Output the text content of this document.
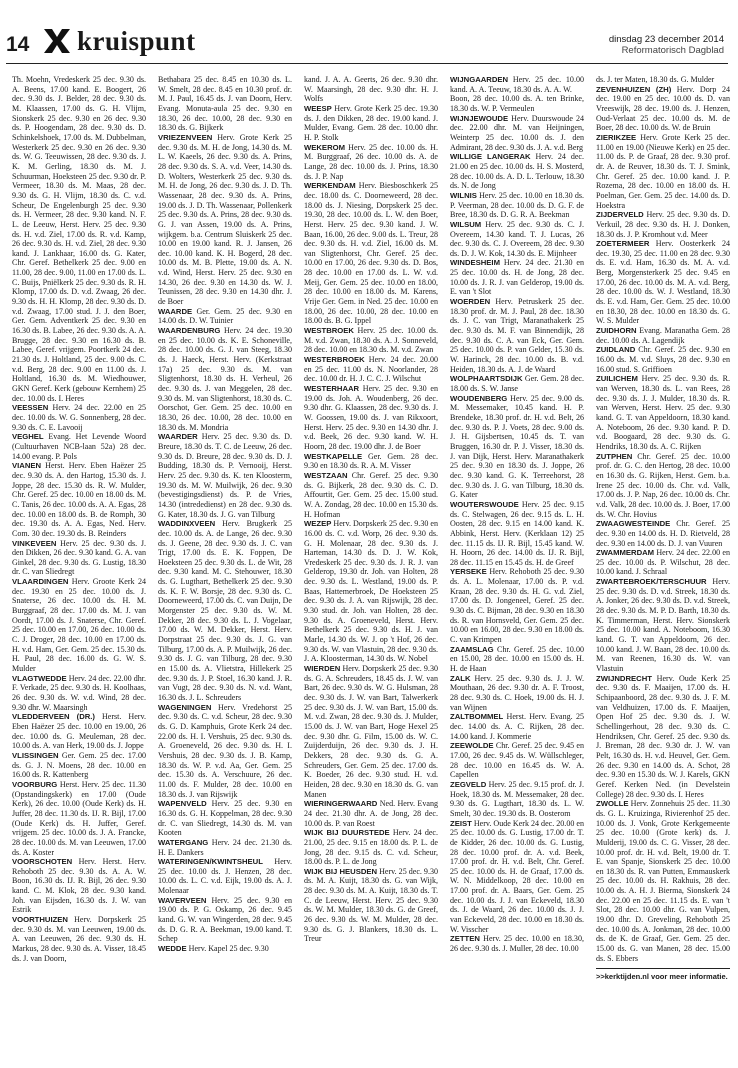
14 kruispunt	dinsdag 23 december 2014
Reformatorisch Dagblad

Th. Moehn, Vredeskerk 25 dec. 9.30 ds. A. Beens, 17.00 kand. E. Boogert, 26 dec. 9.30 ds. J. Belder, 28 dec. 9.30 ds. M. Klaassen, 17.00 ds. G. H. Vlijm, Sionskerk 25 dec. 9.30 en 26 dec. 9.30 ds. P. Hoogendam, 28 dec. 9.30 ds. D. Schinkelshoek, 17.00 ds. M. Dubbelman, Westerkerk 25 dec. 9.30 en 26 dec. 9.30 ds. W. G. Teeuwissen, 28 dec. 9.30 ds. J. K. M. Gerling, 18.30 ds. M. J. Schuurman, Hoeksteen 25 dec. 9.30 dr. P. Vermeer, 18.30 ds. M. Maas, 28 dec. 9.30 ds. G. H. Vlijm, 18.30 ds. C. v.d. Scheur, De Engelenburgh 25 dec. 9.30 ds. H. Vermeer, 28 dec. 9.30 kand. N. F. L. de Leeuw, Herst. Herv. 25 dec. 9.30 ds. H. v.d. Ziel, 17.00 ds. R. v.d. Kamp, 26 dec. 9.30 ds. H. v.d. Ziel, 28 dec. 9.30 kand. J. Lankhaar, 16.00 ds. G. Kater, Chr. Geref. Bethelkerk 25 dec. 9.00 en 11.00, 28 dec. 9.00, 11.00 en 17.00 ds. L. C. Buijs, Pniëlkerk 25 dec. 9.30 ds. R. H. Klomp, 17.00 ds. D. v.d. Zwaag, 26 dec. 9.30 ds. H. H. Klomp, 28 dec. 9.30 ds. D. v.d. Zwaag, 17.00 stud. J. J. den Boer, Ger. Gem. Adventkerk 25 dec. 9.30 en 16.30 ds. B. Labee, 26 dec. 9.30 ds. A. A. Brugge, 28 dec. 9.30 en 16.30 ds. B. Labee, Geref. vrijgem. Poortkerk 24 dec. 21.30 ds. J. Holtland, 25 dec. 9.00 ds. C. v.d. Berg, 28 dec. 9.00 en 11.00 ds. J. Holtland, 16.30 ds. M. Wiedhouwer, GKN Geref. Kerk (gebouw Kernhem) 25 dec. 10.00 ds. I. Heres

VEESSEN Herv. 24 dec. 22.00 en 25 dec. 10.00 ds. W. G. Sonnenberg, 28 dec. 9.30 ds. C. E. Lavooij

VEGHEL Evang. Het Levende Woord (Cultuurhaven NCB-laan 52a) 28 dec. 14.00 evang. P. Pols

VIANEN Herst. Herv. Eben Haëzer 25 dec. 9.30 ds. A. den Hartog, 15.30 ds. J. Joppe, 28 dec. 15.30 ds. R. W. Mulder, Chr. Geref. 25 dec. 10.00 en 18.00 ds. M. C. Tanis, 26 dec. 10.00 ds. A. A. Egas, 28 dec. 10.00 en 18.00 ds. B. de Romph, 30 dec. 19.30 ds. A. A. Egas, Ned. Herv. Com. 30 dec. 19.30 ds. B. Reinders

VINKEVEEN Herv. 25 dec. 9.30 ds. J. den Dikken, 26 dec. 9.30 kand. G. A. van Ginkel, 28 dec. 9.30 ds. G. Lustig, 18.30 dr. C. van Sliedregt

VLAARDINGEN Herv. Groote Kerk 24 dec. 19.30 en 25 dec. 10.00 ds. J. Snaterse, 26 dec. 10.00 ds. H. M. Burggraaf, 28 dec. 17.00 ds. M. J. van Oordt, 17.00 ds. J. Snaterse, Chr. Geref. 25 dec. 10.00 en 17.00, 26 dec. 10.00 ds. C. J. Droger, 28 dec. 10.00 en 17.00 ds. H. v.d. Ham, Ger. Gem. 25 dec. 15.30 ds. H. Paul, 28 dec. 16.00 ds. G. W. S. Mulder

VLAGTWEDDE Herv. 24 dec. 22.00 dhr. F. Verkade, 25 dec. 9.30 ds. H. Koolhaas, 26 dec. 9.30 ds. W. v.d. Wind, 28 dec. 9.30 dhr. W. Maarsingh

VLEDDERVEEN (DR.) Herst. Herv. Eben Haëzer 25 dec. 10.00 en 19.00, 26 dec. 10.00 ds. G. Meuleman, 28 dec. 10.00 ds. A. van Herk, 19.00 ds. J. Joppe

VLISSINGEN Ger. Gem. 25 dec. 17.00 ds. G. J. N. Moens, 28 dec. 10.00 en 16.00 ds. R. Kattenberg

VOORBURG Herst. Herv. 25 dec. 11.30 (Opstandingskerk) en 17.00 (Oude Kerk), 26 dec. 10.00 (Oude Kerk) ds. H. Juffer, 28 dec. 11.30 ds. IJ. R. Bijl, 17.00 (Oude Kerk) ds. H. Juffer, Geref. vrijgem. 25 dec. 10.00 ds. J. A. Francke, 28 dec. 10.00 ds. M. van Leeuwen, 17.00 ds. A. Koster

VOORSCHOTEN Herv. Herst. Herv. Rehoboth 25 dec. 9.30 ds. A. A. W. Boon, 16.30 ds. IJ. R. Bijl, 26 dec. 9.30 kand. C. M. Klok, 28 dec. 9.30 kand. Joh. van Eijsden, 16.30 ds. J. W. van Estrik

VOORTHUIZEN Herv. Dorpskerk 25 dec. 9.30 ds. M. van Leeuwen, 19.00 ds. A. van Leeuwen, 26 dec. 9.30 ds. H. Markus, 28 dec. 9.30 ds. A. Visser, 18.45 ds. J. van Doorn,

Bethabara 25 dec. 8.45 en 10.30 ds. L. W. Smelt, 28 dec. 8.45 en 10.30 prof. dr. M. J. Paul, 16.45 ds. J. van Doorn, Herv. Evang. Monuta-aula 25 dec. 9.30 en 18.30, 26 dec. 10.00, 28 dec. 9.30 en 18.30 ds. G. Bijkerk

VRIEZENVEEN Herv. Grote Kerk 25 dec. 9.30 ds. M. H. de Jong, 14.30 ds. M. L. W. Kaeels, 26 dec. 9.30 ds. A. Prins, 28 dec. 9.30 ds. S. A. v.d. Veer, 14.30 ds. D. Wolters, Westerkerk 25 dec. 9.30 ds. M. H. de Jong, 26 dec. 9.30 ds. J. D. Th. Wassenaar, 28 dec. 9.30 ds. A. Prins, 19.00 ds. J. D. Th. Wassenaar, Pollenkerk 25 dec. 9.30 ds. A. Prins, 28 dec. 9.30 ds. G. J. van Assen, 19.00 ds. A. Prins, wijkgem. b.a. Centrum Sluiskerk 25 dec. 10.00 en 19.00 kand. R. J. Jansen, 26 dec. 10.00 kand. K. H. Bogerd, 28 dec. 10.00 ds. M. B. Plette, 19.00 ds. A. N. v.d. Wind, Herst. Herv. 25 dec. 9.30 en 14.30, 26 dec. 9.30 en 14.30 ds. W. J. Teunissen, 28 dec. 9.30 en 14.30 dhr. J. de Boer

WAARDE Ger. Gem. 25 dec. 9.30 en 14.00 ds. D. W. Tuinier

WAARDENBURG Herv. 24 dec. 19.30 en 25 dec. 10.00 ds. K. E. Schoneville, 28 dec. 10.00 ds. G. J. van Steeg, 18.30 ds. J. Haeck, Herst. Herv. (Kerkstraat 17a) 25 dec. 9.30 ds. M. van Sligtenhorst, 18.30 ds. H. Verheul, 26 dec. 9.30 ds. J. van Meggelen, 28 dec. 9.30 ds. M. van Sligtenhorst, 18.30 ds. C. Oorschot, Ger. Gem. 25 dec. 10.00 en 18.30, 26 dec. 10.00, 28 dec. 10.00 en 18.30 ds. M. Mondria

WAARDER Herv. 25 dec. 9.30 ds. D. Breure, 18.30 ds. T. C. de Leeuw, 26 dec. 9.30 ds. D. Breure, 28 dec. 9.30 ds. D. J. Budding, 18.30 ds. P. Vernooij, Herst. Herv. 25 dec. 9.30 ds. K. ten Kloosterm, 19.30 ds. M. W. Muilwijk, 26 dec. 9.30 (bevestigingsdienst) ds. P. de Vries, 14.30 (intrededienst) en 28 dec. 9.30 ds. G. Kater, 18.30 ds. J. G. van Tilburg

WADDINXVEEN Herv. Brugkerk 25 dec. 10.00 ds. A. de Lange, 26 dec. 9.30 ds. J. Geene, 28 dec. 9.30 ds. J. C. van Trigt, 17.00 ds. E. K. Foppen, De Hoeksteen 25 dec. 9.30 ds. L. de Wit, 28 dec. 9.30 kand. M. C. Stehouwer, 18.30 ds. G. Lugthart, Bethelkerk 25 dec. 9.30 ds. K. F. W. Borsje, 28 dec. 9.30 ds. C. Doorneweerd, 17.00 ds. C. van Duijn, De Morgenster 25 dec. 9.30 ds. W. M. Dekker, 28 dec. 9.30 ds. L. J. Vogelaar, 17.00 ds. W. M. Dekker, Herst. Herv. Dorpstraat 25 dec. 9.30 ds. J. G. van Tilburg, 17.00 ds. A. P. Muilwijk, 26 dec. 9.30 ds. J. G. van Tilburg, 28 dec. 9.30 en 15.00 ds. A. Vlietstra, Hillekerk 25 dec. 9.30 ds. J. P. Stoel, 16.30 kand. J. R. van Vugt, 28 dec. 9.30 ds. N. v.d. Want, 16.30 ds. J. L. Schreuders

WAGENINGEN Herv. Vredehorst 25 dec. 9.30 ds. C. v.d. Scheur, 28 dec. 9.30 ds. G. D. Kamphuis, Grote Kerk 24 dec. 22.00 ds. H. I. Vershuis, 25 dec. 9.30 ds. A. Groeneveld, 26 dec. 9.30 ds. H. I. Vershuis, 28 dec. 9.30 ds. J. B. Kamp, 18.30 ds. W. P. v.d. Aa, Ger. Gem. 25 dec. 15.30 ds. A. Verschuure, 26 dec. 11.00 ds. F. Mulder, 28 dec. 10.00 en 18.30 ds. J. van Rijswijk

WAPENVELD Herv. 25 dec. 9.30 en 16.30 ds. G. H. Koppelman, 28 dec. 9.30 dr. C. van Sliedregt, 14.30 ds. M. van Kooten

WATERGANG Herv. 24 dec. 21.30 ds. H. E. Dankers

WATERINGEN/KWINTSHEUL Herv. 25 dec. 10.00 ds. J. Henzen, 28 dec. 10.00 ds. L. C. v.d. Eijk, 19.00 ds. A. J. Molenaar

WAVERVEEN Herv. 25 dec. 9.30 en 19.00 ds. P. G. Oskamp, 26 dec. 9.45 kand. G. W. van Wingerden, 28 dec. 9.45 ds. D. G. R. A. Beekman, 19.00 kand. T. Schep

WEDDE Herv. Kapel 25 dec. 9.30

kand. J. A. A. Geerts, 26 dec. 9.30 dhr. W. Maarsingh, 28 dec. 9.30 dhr. H. J. Wolfs

WEESP Herv. Grote Kerk 25 dec. 19.30 ds. J. den Dikken, 28 dec. 19.00 kand. J. Mulder, Evang. Gem. 28 dec. 10.00 dhr. H. P. Stolk

WEKEROM Herv. 25 dec. 10.00 ds. H. M. Burggraaf, 26 dec. 10.00 ds. A. de Lange, 28 dec. 10.00 ds. J. Prins, 18.30 ds. J. P. Nap

WERKENDAM Herv. Biesboschkerk 25 dec. 18.00 ds. C. Doorneweerd, 28 dec. 18.00 ds. J. Niesing, Dorpskerk 25 dec. 19.30, 28 dec. 10.00 ds. L. W. den Boer, Herst. Herv. 25 dec. 9.30 kand. J. W. Baan, 16.00, 26 dec. 9.00 ds. L. Treur, 28 dec. 9.30 ds. H. v.d. Ziel, 16.00 ds. M. van Sligtenhorst, Chr. Geref. 25 dec. 10.00 en 17.00, 26 dec. 9.30 ds. D. Bos, 28 dec. 10.00 en 17.00 ds. L. W. v.d. Meij, Ger. Gem. 25 dec. 10.00 en 18.00, 28 dec. 10.00 en 18.00 ds. M. Karens, Vrije Ger. Gem. in Ned. 25 dec. 10.00 en 18.00, 26 dec. 10.00, 28 dec. 10.00 en 18.00 ds. B. G. Ippel

WESTBROEK Herv. 25 dec. 10.00 ds. M. v.d. Zwan, 18.30 ds. A. J. Sonneveld, 28 dec. 10.00 en 18.30 ds. M. v.d. Zwan

WESTERBROEK Herv. 24 dec. 20.00 en 25 dec. 11.00 ds. N. Noorlander, 28 dec. 10.00 dr. H. J. C. C. J. Wilschut

WESTERHAAR Herv. 25 dec. 9.30 en 19.00 ds. Joh. A. Woudenberg, 26 dec. 9.30 dhr. G. Klaassen, 28 dec. 9.30 ds. J. W. Goossen, 19.00 ds. J. van Rikxoort, Herst. Herv. 25 dec. 9.30 en 14.30 dhr. J. v.d. Beek, 26 dec. 9.30 kand. W. H. Hoorn, 28 dec. 19.00 dhr. J. de Boer

WESTKAPELLE Ger. Gem. 28 dec. 9.30 en 18.30 ds. R. A. M. Visser

WESTZAAN Chr. Geref. 25 dec. 9.30 ds. G. Bijkerk, 28 dec. 9.30 ds. C. D. Affourtit, Ger. Gem. 25 dec. 15.00 stud. W. A. Zondag, 28 dec. 10.00 en 15.30 ds. H. Hofman

WEZEP Herv. Dorpskerk 25 dec. 9.30 en 16.00 ds. C. v.d. Worp, 26 dec. 9.30 ds. G. H. Molenaar, 28 dec. 9.30 ds. J. Harteman, 14.30 ds. D. J. W. Kok, Vredeskerk 25 dec. 9.30 ds. J. R. J. van Gelderop, 19.30 dr. Joh. van Holten, 28 dec. 9.30 ds. L. Westland, 19.00 ds. P. Baas, Hattemerbroek, De Hoeksteen 25 dec. 9.30 ds. J. A. van Rijswijk, 28 dec. 9.30 stud. dr. Joh. van Holten, 28 dec. 9.30 ds. A. Groeneveld, Herst. Herv. Bethelkerk 25 dec. 9.30 ds. H. J. van Marle, 14.30 ds. W. J. op 't Hof, 26 dec. 9.30 ds. W. van Vlastuin, 28 dec. 9.30 ds. J. A. Kloosterman, 14.30 ds. W. Nobel

WIERDEN Herv. Dorpskerk 25 dec. 9.30 ds. G. A. Schreuders, 18.45 ds. J. W. van Bart, 26 dec. 9.30 ds. W. G. Hulsman, 28 dec. 9.30 ds. J. W. van Bart, Talwerkerk 25 dec. 9.30 ds. J. W. van Bart, 15.00 ds. M. v.d. Zwan, 28 dec. 9.30 ds. J. Mulder, 15.00 ds. J. W. van Bart, Hoge Hexel 25 dec. 9.30 dhr. G. Film, 15.00 ds. W. C. Zuijderduijn, 26 dec. 9.30 ds. J. H. Dekkers, 28 dec. 9.30 ds. G. A. Schreuders, Ger. Gem. 25 dec. 17.00 ds. K. Boeder, 26 dec. 9.30 stud. H. v.d. Heiden, 28 dec. 9.30 en 18.30 ds. G. van Manen

WIERINGERWAARD Ned. Herv. Evang 24 dec. 21.30 dhr. A. de Jong, 28 dec. 10.00 ds. P. van Roest

WIJK BIJ DUURSTEDE Herv. 24 dec. 21.00, 25 dec. 9.15 en 18.00 ds. P. L. de Jong, 28 dec. 9.15 ds. C. v.d. Scheur, 18.00 ds. P. L. de Jong

WIJK BIJ HEUSDEN Herv. 25 dec. 9.30 ds. M. A. Kuijt, 18.30 ds. G. van Wijk, 28 dec. 9.30 ds. M. A. Kuijt, 18.30 ds. T. C. de Leeuw, Herst. Herv. 25 dec. 9.30 ds. W. M. Mulder, 18.30 ds. G. de Greef, 26 dec. 9.30 ds. W. M. Mulder, 28 dec. 9.30 ds. G. J. Blankers, 18.30 ds. L. Treur

WIJNGAARDEN Herv. 25 dec. 10.00 kand. A. A. Teeuw, 18.30 ds. A. A. W.

Boon, 28 dec. 10.00 ds. A. ten Brinke, 18.30 ds. W. P. Vermeulen

WIJNJEWOUDE Herv. Duurswoude 24 dec. 22.00 dhr. M. van Heijningen, Weinterp 25 dec. 10.00 ds. J. den Admirant, 28 dec. 9.30 ds. J. A. v.d. Berg

WILLIGE LANGERAK Herv. 24 dec. 21.00 en 25 dec. 10.00 ds. H. S. Mosterd, 28 dec. 10.00 ds. A. D. L. Terlouw, 18.30 ds. N. de Jong

WILNIS Herv. 25 dec. 10.00 en 18.30 ds. P. Veerman, 28 dec. 10.00 ds. D. G. F. de Bree, 18.30 ds. D. G. R. A. Beekman

WILSUM Herv. 25 dec. 9.30 ds. C. J. Overeem, 14.30 kand. T. J. Lucas, 26 dec. 9.30 ds. C. J. Overeem, 28 dec. 9.30 ds. D. J. W. Kok, 14.30 ds. E. Mijnheer

WINDESHEIM Herv. 24 dec. 21.30 en 25 dec. 10.00 ds. H. de Jong, 28 dec. 10.00 ds. J. R. J. van Gelderop, 19.00 ds. E. van 't Slot

WOERDEN Herv. Petruskerk 25 dec. 18.30 prof. dr. M. J. Paul, 28 dec. 18.30 ds. J. C. van Trigt, Maranathakerk 25 dec. 9.30 ds. M. F. van Binnendijk, 28 dec. 9.30 ds. C. A. van Eck, Ger. Gem. 25 dec. 10.00 ds. P. van Gelder, 15.30 ds. W. Harinck, 28 dec. 10.00 ds. B. v.d. Heiden, 18.30 ds. A. J. de Waard

WOLPHAARTSDIJK Ger. Gem. 28 dec. 18.00 ds. S. W. Janse

WOUDENBERG Herv. 25 dec. 9.00 ds. M. Messemaker, 10.45 kand. H. P. Brendeke, 18.30 prof. dr. H. v.d. Belt, 26 dec. 9.30 ds. P. J. Voets, 28 dec. 9.00 ds. J. H. Gijsbertsen, 10.45 ds. T. van Bruggen, 16.30 dr. P. J. Visser, 18.30 ds. J. van Dijk, Herst. Herv. Maranathakerk 25 dec. 9.30 en 18.30 ds. J. Joppe, 26 dec. 9.30 kand. G. K. Terreehorst, 28 dec. 9.30 ds. J. G. van Tilburg, 18.30 ds. G. Kater

WOUTERSWOUDE Herv. 25 dec. 9.15 ds. C. Stelwagen, 26 dec. 9.15 ds. L. H. Oosten, 28 dec. 9.15 en 14.00 kand. K. Abbink, Herst. Herv. (Kerklaan 12) 25 dec. 11.15 ds. IJ. R. Bijl, 15.45 kand. W. H. Hoorn, 26 dec. 14.00 ds. IJ. R. Bijl, 28 dec. 11.15 en 15.45 ds. H. de Greef

YERSEKE Herv. Rehoboth 25 dec. 9.30 ds. A. L. Molenaar, 17.00 ds. P. v.d. Kraan, 28 dec. 9.30 ds. H. G. v.d. Ziel, 17.00 ds. D. Jongeneel, Geref. 25 dec. 9.30 ds. C. Bijman, 28 dec. 9.30 en 18.30 ds. R. van Hornsveld, Ger. Gem. 25 dec. 10.00 en 16.00, 28 dec. 9.30 en 18.00 ds. C. van Krimpen

ZAAMSLAG Chr. Geref. 25 dec. 10.00 en 15.00, 28 dec. 10.00 en 15.00 ds. H. H. de Haan

ZALK Herv. 25 dec. 9.30 ds. J. J. W. Mouthaan, 26 dec. 9.30 dr. A. F. Troost, 28 dec. 9.30 ds. C. Hoek, 19.00 ds. H. J. van Wijnen

ZALTBOMMEL Herst. Herv. Evang. 25 dec. 14.00 ds. A. C. Rijken, 28 dec. 14.00 kand. J. Kommerie

ZEEWOLDE Chr. Geref. 25 dec. 9.45 en 17.00, 26 dec. 9.45 ds. W. Wüllschleger, 28 dec. 10.00 en 16.45 ds. W. A. Capellen

ZEGVELD Herv. 25 dec. 9.15 prof. dr. J. Hoek, 18.30 ds. M. Messemaker, 28 dec. 9.30 ds. G. Lugthart, 18.30 ds. L. W. Smelt, 30 dec. 19.30 ds. B. Oosterom

ZEIST Herv. Oude Kerk 24 dec. 20.00 en 25 dec. 10.00 ds. G. Lustig, 17.00 dr. T. de Kidder, 26 dec. 10.00 ds. G. Lustig, 28 dec. 10.00 prof. dr. A. v.d. Beek, 17.00 prof. dr. H. v.d. Belt, Chr. Geref. 25 dec. 10.00 ds. H. de Graaf, 17.00 ds. W. N. Middelkoop, 28 dec. 10.00 en 17.00 prof. dr. A. Baars, Ger. Gem. 25 dec. 10.00 ds. J. J. van Eckeveld, 18.30 ds. J. de Waard, 26 dec. 10.00 ds. J. J. van Eckeveld, 28 dec. 10.00 en 18.30 ds. W. Visscher

ZETTEN Herv. 25 dec. 10.00 en 18.30, 26 dec. 9.30 ds. J. Muller, 28 dec. 10.00

ds. J. ter Maten, 18.30 ds. G. Mulder

ZEVENHUIZEN (ZH) Herv. Dorp 24 dec. 19.00 en 25 dec. 10.00 ds. D. van Vreeswijk, 28 dec. 19.00 ds. J. Henzen, Oud-Verlaat 25 dec. 10.00 ds. M. de Boer, 28 dec. 10.00 ds. W. de Bruin

ZIERIKZEE Herv. Grote Kerk 25 dec. 11.00 en 19.00 (Nieuwe Kerk) en 25 dec. 11.00 ds. P. de Graaf, 28 dec. 9.30 prof. dr. A. de Reuver, 18.30 ds. T. J. Smink, Chr. Geref. 25 dec. 10.00 kand. J. P. Rozema, 28 dec. 10.00 en 18.00 ds. H. Poelman, Ger. Gem. 25 dec. 14.00 ds. D. Hoekstra

ZIJDERVELD Herv. 25 dec. 9.30 ds. D. Verkuil, 28 dec. 9.30 ds. H. J. Donken, 18.30 ds. J. P. Kromhout v.d. Meer

ZOETERMEER Herv. Oosterkerk 24 dec. 19.30, 25 dec. 11.00 en 28 dec. 9.30 ds. E. v.d. Ham, 16.30 ds. M. A. v.d. Berg, Morgensterkerk 25 dec. 9.45 en 17.00, 26 dec. 10.00 ds. M. A. v.d. Berg, 28 dec. 10.00 ds. W. J. Westland, 18.30 ds. E. v.d. Ham, Ger. Gem. 25 dec. 10.00 en 18.30, 28 dec. 10.00 en 18.30 ds. G. W. S. Mulder

ZUIDHORN Evang. Maranatha Gem. 28 dec. 10.00 ds. A. Lagendijk

ZUIDLAND Chr. Geref. 25 dec. 9.30 en 16.00 ds. M. v.d. Sluys, 28 dec. 9.30 en 16.00 stud. S. Griffioen

ZUILICHEM Herv. 25 dec. 9.30 ds. R. van Werven, 18.30 ds. L. van Rees, 28 dec. 9.30 ds. J. J. Mulder, 18.30 ds. R. van Werven, Herst. Herv. 25 dec. 9.30 kand. G. T. van Appeldoorn, 18.30 kand. A. Noteboom, 26 dec. 9.30 kand. P. D. v.d. Boogaard, 28 dec. 9.30 ds. G. Hendriks, 18.30 ds. A. C. Rijken

ZUTPHEN Chr. Geref. 25 dec. 10.00 prof. dr. G. C. den Hertog, 28 dec. 10.00 en 16.30 ds. G. Rijken, Herst. Gem. b.a. Irene 25 dec. 10.00 ds. Chr. v.d. Valk, 17.00 ds. J. P. Nap, 26 dec. 10.00 ds. Chr. v.d. Valk, 28 dec. 10.00 ds. J. Boer, 17.00 ds. W. Chr. Hovius

ZWAAGWESTEINDE Chr. Geref. 25 dec. 9.30 en 14.00 ds. H. D. Rietveld, 28 dec. 9.30 en 14.00 ds. D. J. van Vuuren

ZWAMMERDAM Herv. 24 dec. 22.00 en 25 dec. 10.00 ds. P. Wilschut, 28 dec. 10.00 kand. J. Schraal

ZWARTEBROEK/TERSCHUUR Herv. 25 dec. 9.30 ds. D. v.d. Streek, 18.30 ds. A. Jonker, 26 dec. 9.30 ds. D. v.d. Streek, 28 dec. 9.30 ds. M. P. D. Barth, 18.30 ds. K. Timmerman, Herst. Herv. Sionskerk 25 dec. 10.00 kand. A. Noteboom, 16.30 kand. G. T. van Appeldoorn, 26 dec. 10.00 kand. J. W. Baan, 28 dec. 10.00 ds. M. van Reenen, 16.30 ds. W. van Vlastuin

ZWIJNDRECHT Herv. Oude Kerk 25 dec. 9.30 ds. F. Maaijen, 17.00 ds. H. Schipaanboord, 28 dec. 9.30 ds. J. F. M. van Veldhuizen, 17.00 ds. F. Maaijen, Open Hof 25 dec. 9.30 ds. J. W. Schellingerhout, 28 dec. 9.30 ds. C. Hendriksen, Chr. Geref. 25 dec. 9.30 ds. J. Breman, 28 dec. 9.30 dr. J. W. van Pelt, 16.30 ds. H. v.d. Heuvel, Ger. Gem. 26 dec. 9.30 en 14.00 ds. A. Schot, 28 dec. 9.30 en 15.30 ds. W. J. Karels, GKN Geref. Kerken Ned. (in Develstein College) 28 dec. 9.30 ds. I. Heres

ZWOLLE Herv. Zonnehuis 25 dec. 11.30 ds. G. L. Kruizinga, Rivierenhof 25 dec. 10.00 ds. J. Vonk, Grote Kerkgemeente 25 dec. 10.00 (Grote kerk) ds. J. Mulderij, 19.00 ds. C. G. Visser, 28 dec. 10.00 prof. dr. H. v.d. Belt, 19.00 dr. T. E. van Spanje, Sionskerk 25 dec. 10.00 en 18.30 ds. R. van Putten, Emmauskerk 25 dec. 10.00 ds. H. Rakhuis, 28 dec. 10.00 ds. A. H. J. Bierma, Sionskerk 24 dec. 22.00 en 25 dec. 11.15 ds. E. van 't Slot, 28 dec. 10.00 dhr. G. van Vulpen, 19.00 dhr. D. Greveling, Rehoboth 25 dec. 10.00 ds. A. Jonkman, 28 dec. 10.00 ds. de K. de Graaf, Ger. Gem. 25 dec. 15.00 ds. G. van Manen, 28 dec. 15.00 ds. S. Ebbers

>>kerktijden.nl voor meer informatie.
